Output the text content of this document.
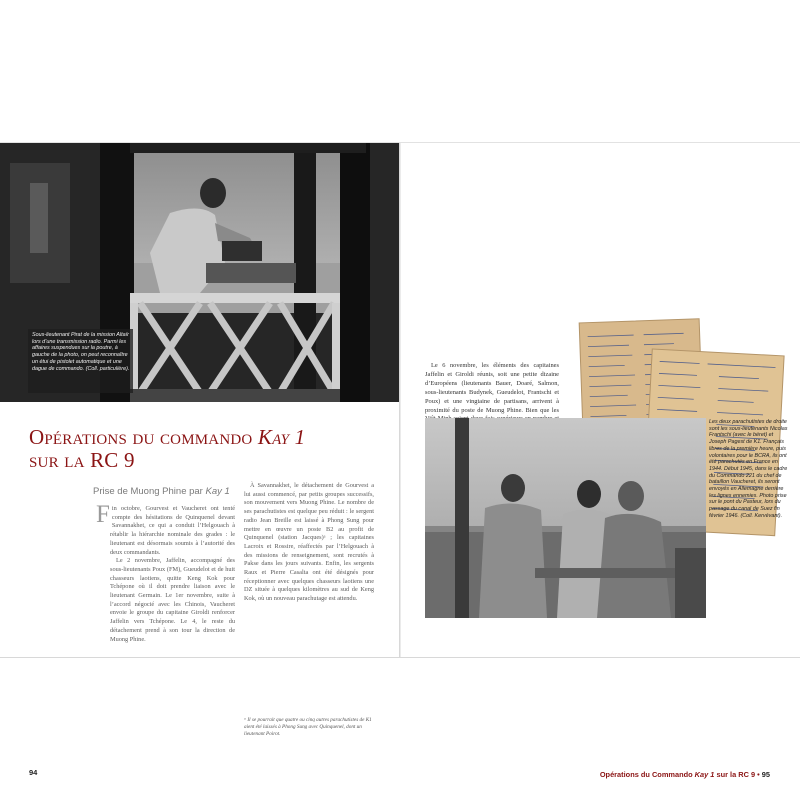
Sous-lieutenant Pirat de la mission Altaïr lors d’une transmission radio. Parmi les affaires suspendues sur la poutre, à gauche de la photo, on peut reconnaître un étui de pistolet automatique et une dague de commando. (Coll. particulière).
Opérations du commando Kay 1
sur la RC 9
Prise de Muong Phine par Kay 1

Fin octobre, Gourvest et Vaucheret ont tenté compte des hésitations de Quinquenel devant Savannakhet, ce qui a conduit l’Helgouach à rétablir la hiérarchie nominale des grades : le lieutenant est désormais soumis à l’autorité des deux commandants.

Le 2 novembre, Jaffelin, accompagné des sous-lieutenants Poux (FM), Gueudelot et de huit chasseurs laotiens, quitte Keng Kok pour Tchépone où il doit prendre liaison avec le lieutenant Germain. Le 1er novembre, suite à l’accord négocié avec les Chinois, Vaucheret envoie le groupe du capitaine Giroldi renforcer Jaffelin vers Tchépone. Le 4, le reste du détachement prend à son tour la direction de Muong Phine.

À Savannakhet, le détachement de Gourvest a lui aussi commencé, par petits groupes successifs, son mouvement vers Muong Phine. Le nombre de ses parachutistes est quelque peu réduit : le sergent radio Jean Breille est laissé à Phong Sung pour mettre en œuvre un poste B2 au profit de Quinquenel (station Jacques)ᵃ ; les capitaines Lacroix et Rossire, réaffectés par l’Helgouach à des missions de renseignement, sont recrutés à Pakse dans les jours suivants. Enfin, les sergents Raux et Pierre Casalta ont été désignés pour réceptionner avec quelques chasseurs laotiens une DZ située à quelques kilomètres au sud de Keng Kok, où un nouveau parachutage est attendu.

ᵃ Il se pourrait que quatre ou cinq autres parachutistes de K1 aient été laissés à Phong Sung avec Quinquenel, dont un lieutenant Poirot.
94

Le 6 novembre, les éléments des capitaines Jaffelin et Giroldi réunis, soit une petite dizaine d’Européens (lieutenants Bauer, Doaré, Salmon, sous-lieutenants Budynek, Gueudelot, Frantschi et Poux) et une vingtaine de partisans, arrivent à proximité du poste de Muong Phine. Bien que les

Les deux parachutistes de droite sont les sous-lieutenants Nicolas Frantschi (avec le béret) et Joseph Pagest de K1. Français libres de la première heure, puis volontaires pour le BCRA, ils ont été parachutés en France en 1944. Début 1945, dans le cadre du Commando 221 du chef de bataillon Vaucheret, ils seront envoyés en Allemagne derrière les lignes ennemies. Photo prise sur le pont du Pasteur, lors du passage du canal de Suez fin février 1946. (Coll. Kervévant).
Opérations du Commando Kay 1 sur la RC 9 • 95
